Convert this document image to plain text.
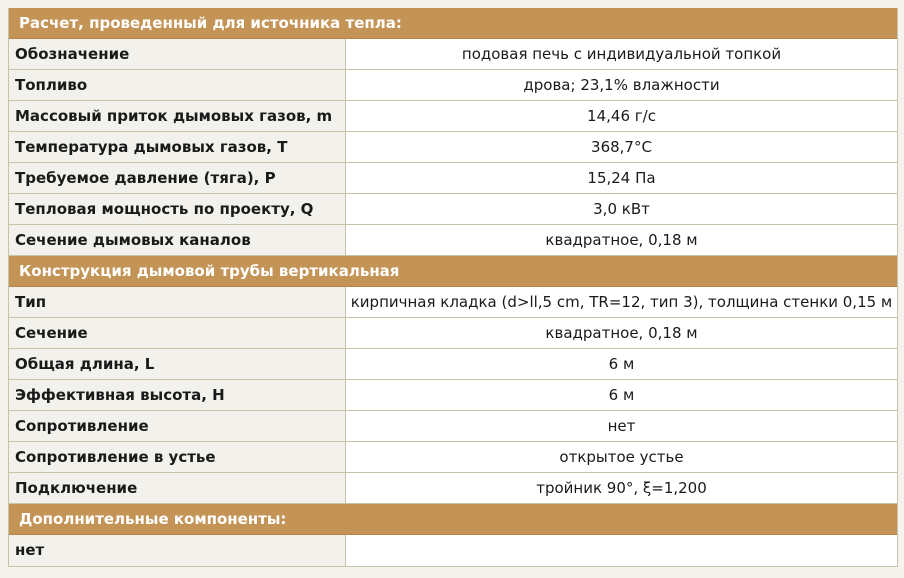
Расчет, проведенный для источника тепла:
Обозначение	подовая печь с индивидуальной топкой
Топливо	дрова; 23,1% влажности
Массовый приток дымовых газов, m	14,46 г/с
Температура дымовых газов, T	368,7°C
Требуемое давление (тяга), P	15,24 Па
Тепловая мощность по проекту, Q	3,0 кВт
Сечение дымовых каналов	квадратное, 0,18 м
Конструкция дымовой трубы вертикальная
Тип	кирпичная кладка (d>ll,5 cm, TR=12, тип 3), толщина стенки 0,15 м
Сечение	квадратное, 0,18 м
Общая длина, L	6 м
Эффективная высота, H	6 м
Сопротивление	нет
Сопротивление в устье	открытое устье
Подключение	тройник 90°, ξ=1,200
Дополнительные компоненты:
нет
